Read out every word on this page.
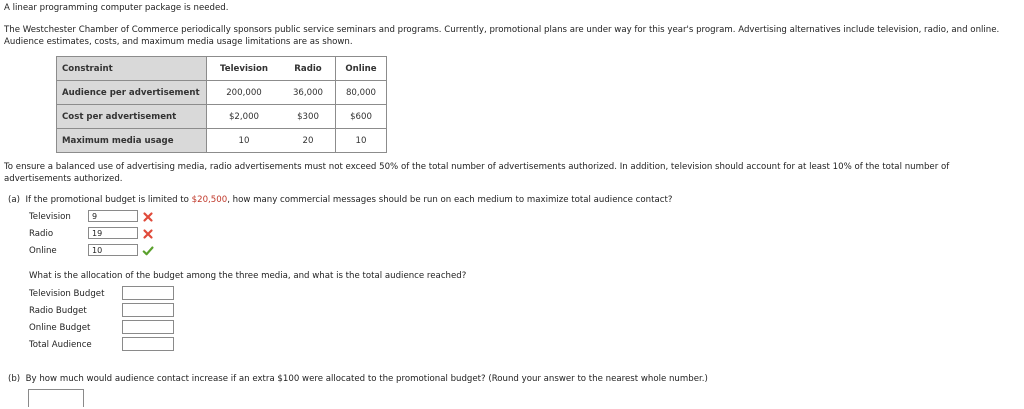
A linear programming computer package is needed.
The Westchester Chamber of Commerce periodically sponsors public service seminars and programs. Currently, promotional plans are under way for this year's program. Advertising alternatives include television, radio, and online.
Audience estimates, costs, and maximum media usage limitations are as shown.
Constraint	Television	Radio	Online
Audience per advertisement	200,000	36,000	80,000
Cost per advertisement	$2,000	$300	$600
Maximum media usage	10	20	10
To ensure a balanced use of advertising media, radio advertisements must not exceed 50% of the total number of advertisements authorized. In addition, television should account for at least 10% of the total number of
advertisements authorized.
(a) If the promotional budget is limited to $20,500, how many commercial messages should be run on each medium to maximize total audience contact?
Television	9
Radio	19
Online	10
What is the allocation of the budget among the three media, and what is the total audience reached?
Television Budget
Radio Budget
Online Budget
Total Audience
(b) By how much would audience contact increase if an extra $100 were allocated to the promotional budget? (Round your answer to the nearest whole number.)
